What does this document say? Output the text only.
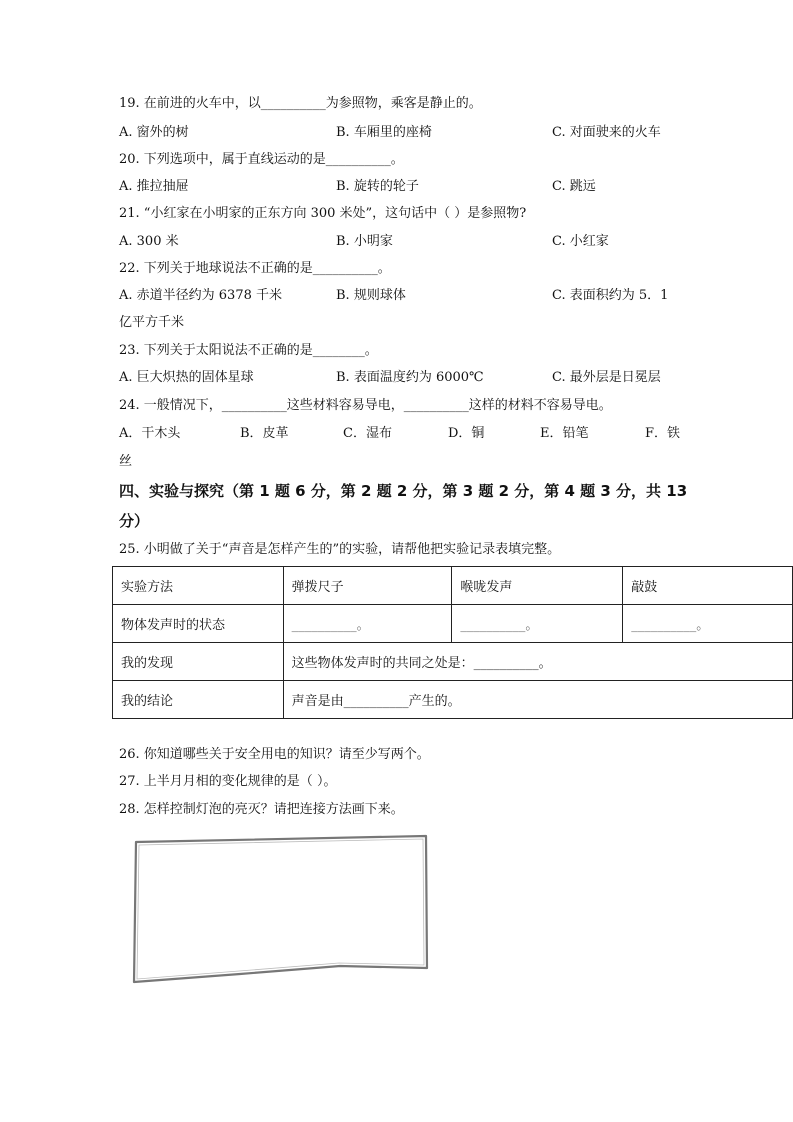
19. 在前进的火车中，以__________为参照物，乘客是静止的。
A. 窗外的树	B. 车厢里的座椅	C. 对面驶来的火车
20. 下列选项中，属于直线运动的是__________。
A. 推拉抽屉	B. 旋转的轮子	C. 跳远
21. “小红家在小明家的正东方向 300 米处”，这句话中（ ）是参照物?
A. 300 米	B. 小明家	C. 小红家
22. 下列关于地球说法不正确的是__________。
A. 赤道半径约为 6378 千米	B. 规则球体	C. 表面积约为 5．1
亿平方千米
23. 下列关于太阳说法不正确的是________。
A. 巨大炽热的固体星球	B. 表面温度约为 6000℃	C. 最外层是日冕层
24. 一般情况下，__________这些材料容易导电，__________这样的材料不容易导电。
A．干木头	B．皮革	C．湿布	D．铜	E．铅笔	F．铁
丝
四、实验与探究（第 1 题 6 分，第 2 题 2 分，第 3 题 2 分，第 4 题 3 分，共 13
分）
25. 小明做了关于“声音是怎样产生的”的实验，请帮他把实验记录表填完整。
实验方法	弹拨尺子	喉咙发声	敲鼓
物体发声时的状态	__________。	__________。	__________。
我的发现	这些物体发声时的共同之处是：__________。		
我的结论	声音是由__________产生的。		
26. 你知道哪些关于安全用电的知识？请至少写两个。
27. 上半月月相的变化规律的是（ ）。
28. 怎样控制灯泡的亮灭？请把连接方法画下来。
